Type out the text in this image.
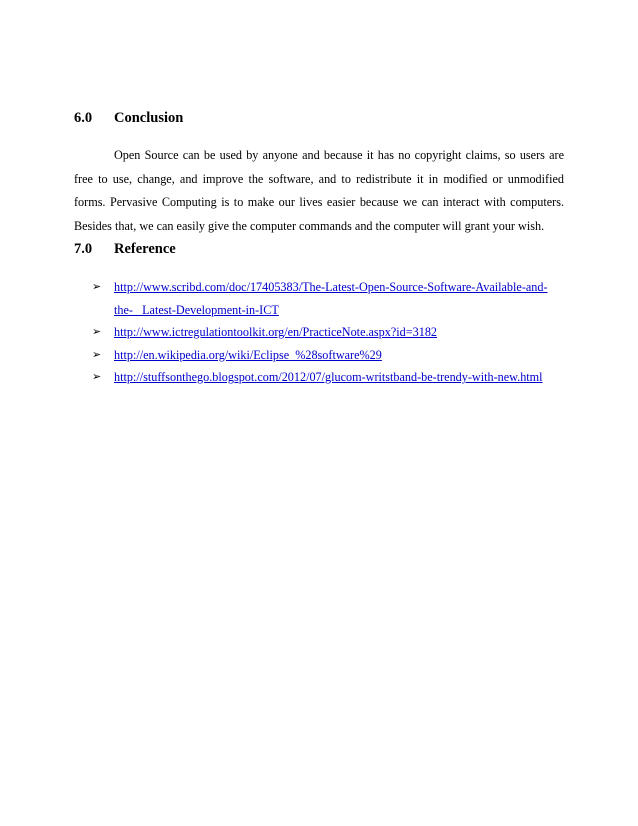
6.0 Conclusion

Open Source can be used by anyone and because it has no copyright claims, so users are free to use, change, and improve the software, and to redistribute it in modified or unmodified forms. Pervasive Computing is to make our lives easier because we can interact with computers. Besides that, we can easily give the computer commands and the computer will grant your wish.

7.0 Reference
➢ http://www.scribd.com/doc/17405383/The-Latest-Open-Source-Software-Available-and-
the-   Latest-Development-in-ICT
➢ http://www.ictregulationtoolkit.org/en/PracticeNote.aspx?id=3182
➢ http://en.wikipedia.org/wiki/Eclipse_%28software%29
➢ http://stuffsonthego.blogspot.com/2012/07/glucom-writstband-be-trendy-with-new.html
